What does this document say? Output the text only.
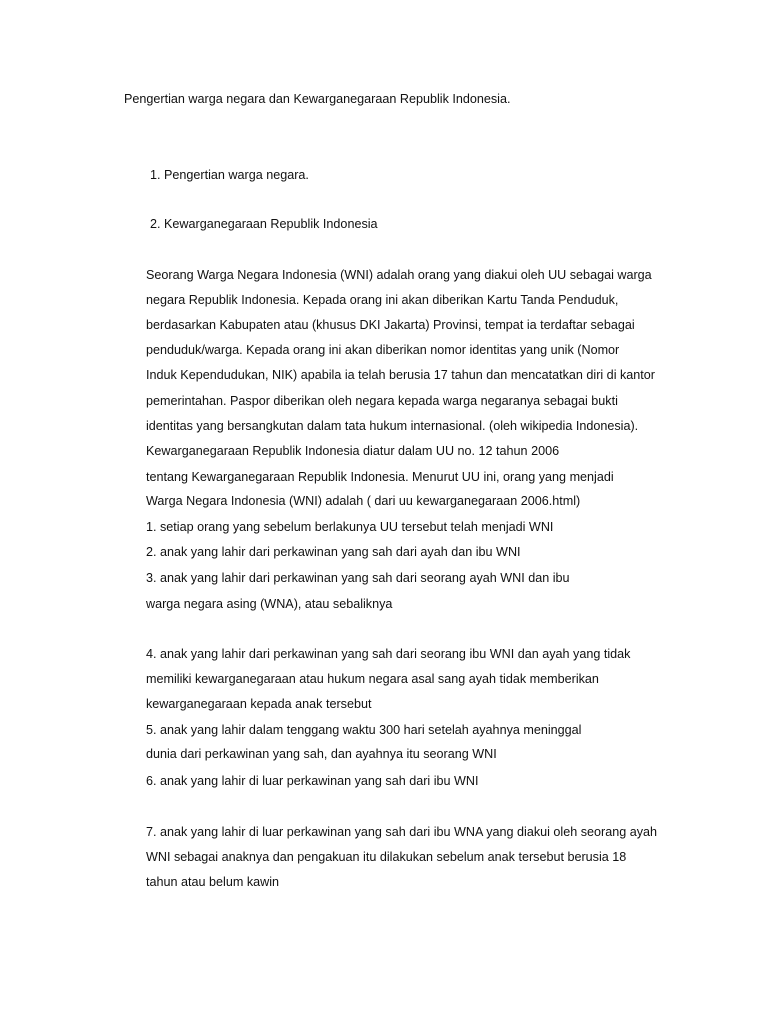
Pengertian warga negara dan Kewarganegaraan Republik Indonesia.
1. Pengertian warga negara.
2. Kewarganegaraan Republik Indonesia
Seorang Warga Negara Indonesia (WNI) adalah orang yang diakui oleh UU sebagai warga
negara Republik Indonesia. Kepada orang ini akan diberikan Kartu Tanda Penduduk,
berdasarkan Kabupaten atau (khusus DKI Jakarta) Provinsi, tempat ia terdaftar sebagai
penduduk/warga. Kepada orang ini akan diberikan nomor identitas yang unik (Nomor
Induk Kependudukan, NIK) apabila ia telah berusia 17 tahun dan mencatatkan diri di kantor
pemerintahan. Paspor diberikan oleh negara kepada warga negaranya sebagai bukti
identitas yang bersangkutan dalam tata hukum internasional. (oleh wikipedia Indonesia).
Kewarganegaraan Republik Indonesia diatur dalam UU no. 12 tahun 2006
tentang Kewarganegaraan Republik Indonesia. Menurut UU ini, orang yang menjadi
Warga Negara Indonesia (WNI) adalah ( dari uu kewarganegaraan 2006.html)
1. setiap orang yang sebelum berlakunya UU tersebut telah menjadi WNI
2. anak yang lahir dari perkawinan yang sah dari ayah dan ibu WNI
3. anak yang lahir dari perkawinan yang sah dari seorang ayah WNI dan ibu
warga negara asing (WNA), atau sebaliknya
4. anak yang lahir dari perkawinan yang sah dari seorang ibu WNI dan ayah yang tidak
memiliki kewarganegaraan atau hukum negara asal sang ayah tidak memberikan
kewarganegaraan kepada anak tersebut
5. anak yang lahir dalam tenggang waktu 300 hari setelah ayahnya meninggal
dunia dari perkawinan yang sah, dan ayahnya itu seorang WNI
6. anak yang lahir di luar perkawinan yang sah dari ibu WNI
7. anak yang lahir di luar perkawinan yang sah dari ibu WNA yang diakui oleh seorang ayah
WNI sebagai anaknya dan pengakuan itu dilakukan sebelum anak tersebut berusia 18
tahun atau belum kawin
